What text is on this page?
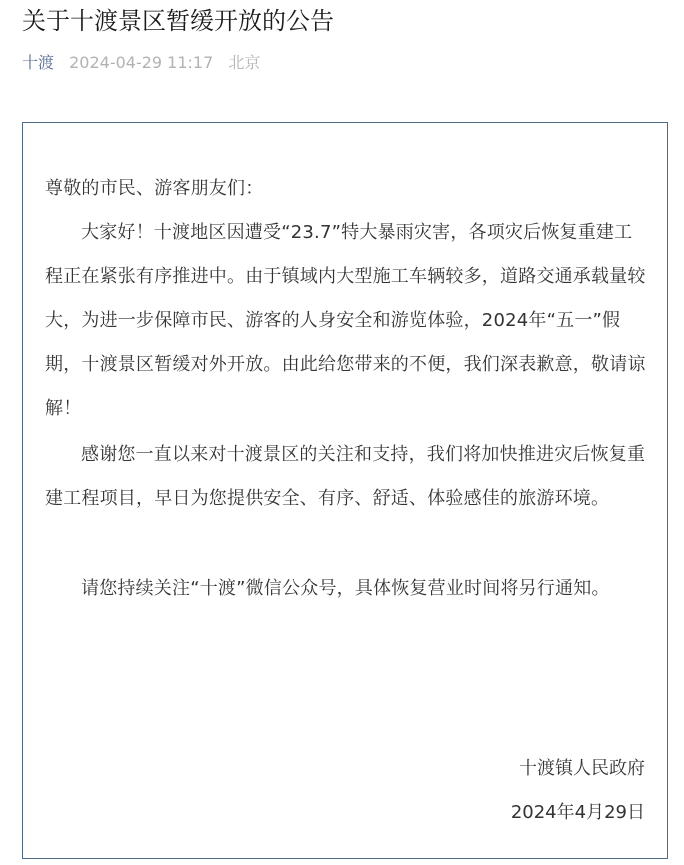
关于十渡景区暂缓开放的公告
十渡 2024-04-29 11:17 北京

尊敬的市民、游客朋友们：

大家好！十渡地区因遭受“23.7”特大暴雨灾害，各项灾后恢复重建工程正在紧张有序推进中。由于镇域内大型施工车辆较多，道路交通承载量较大，为进一步保障市民、游客的人身安全和游览体验，2024年“五一”假期，十渡景区暂缓对外开放。由此给您带来的不便，我们深表歉意，敬请谅解！

感谢您一直以来对十渡景区的关注和支持，我们将加快推进灾后恢复重建工程项目，早日为您提供安全、有序、舒适、体验感佳的旅游环境。

请您持续关注“十渡”微信公众号，具体恢复营业时间将另行通知。

十渡镇人民政府

2024年4月29日
